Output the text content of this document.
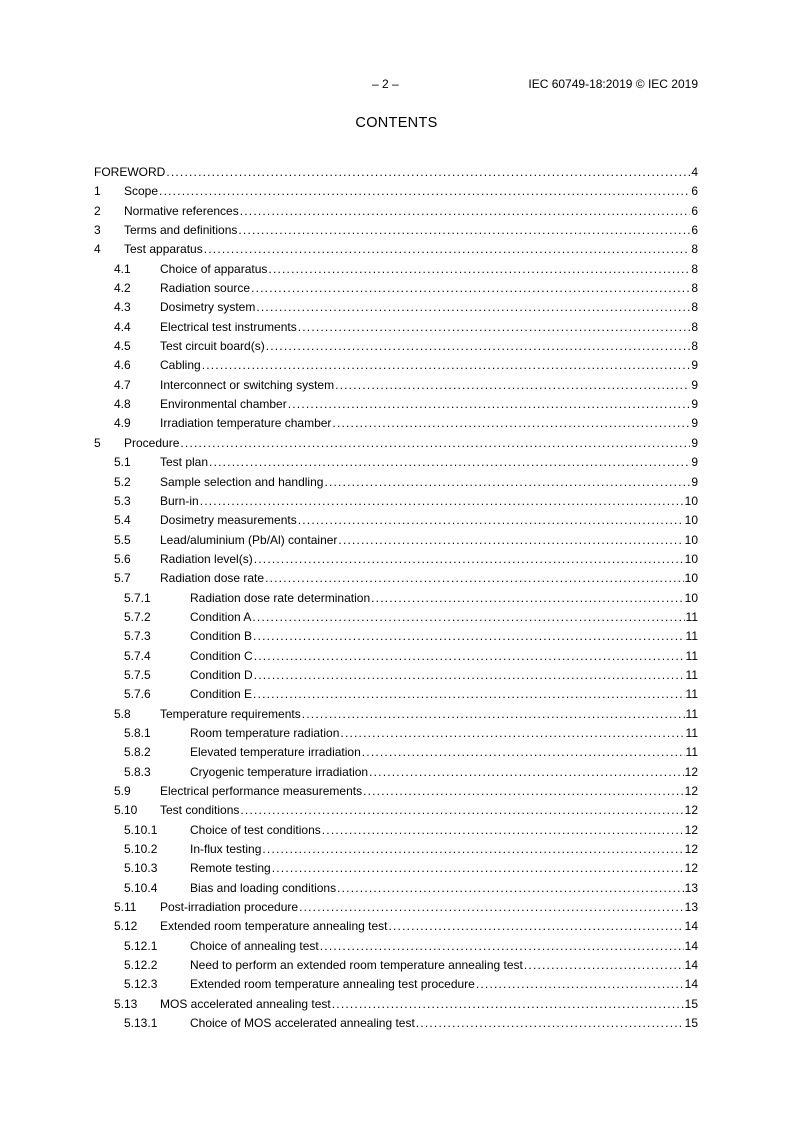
– 2 –	IEC 60749-18:2019 © IEC 2019
CONTENTS
FOREWORD .....	4
1	Scope .....	6
2	Normative references .....	6
3	Terms and definitions .....	6
4	Test apparatus .....	8
4.1	Choice of apparatus .....	8
4.2	Radiation source .....	8
4.3	Dosimetry system .....	8
4.4	Electrical test instruments .....	8
4.5	Test circuit board(s) .....	8
4.6	Cabling .....	9
4.7	Interconnect or switching system .....	9
4.8	Environmental chamber .....	9
4.9	Irradiation temperature chamber .....	9
5	Procedure .....	9
5.1	Test plan .....	9
5.2	Sample selection and handling .....	9
5.3	Burn-in .....	10
5.4	Dosimetry measurements .....	10
5.5	Lead/aluminium (Pb/Al) container .....	10
5.6	Radiation level(s) .....	10
5.7	Radiation dose rate .....	10
5.7.1	Radiation dose rate determination .....	10
5.7.2	Condition A .....	11
5.7.3	Condition B .....	11
5.7.4	Condition C .....	11
5.7.5	Condition D .....	11
5.7.6	Condition E .....	11
5.8	Temperature requirements .....	11
5.8.1	Room temperature radiation .....	11
5.8.2	Elevated temperature irradiation .....	11
5.8.3	Cryogenic temperature irradiation .....	12
5.9	Electrical performance measurements .....	12
5.10	Test conditions .....	12
5.10.1	Choice of test conditions .....	12
5.10.2	In-flux testing .....	12
5.10.3	Remote testing .....	12
5.10.4	Bias and loading conditions .....	13
5.11	Post-irradiation procedure .....	13
5.12	Extended room temperature annealing test .....	14
5.12.1	Choice of annealing test .....	14
5.12.2	Need to perform an extended room temperature annealing test .....	14
5.12.3	Extended room temperature annealing test procedure .....	14
5.13	MOS accelerated annealing test .....	15
5.13.1	Choice of MOS accelerated annealing test .....	15
